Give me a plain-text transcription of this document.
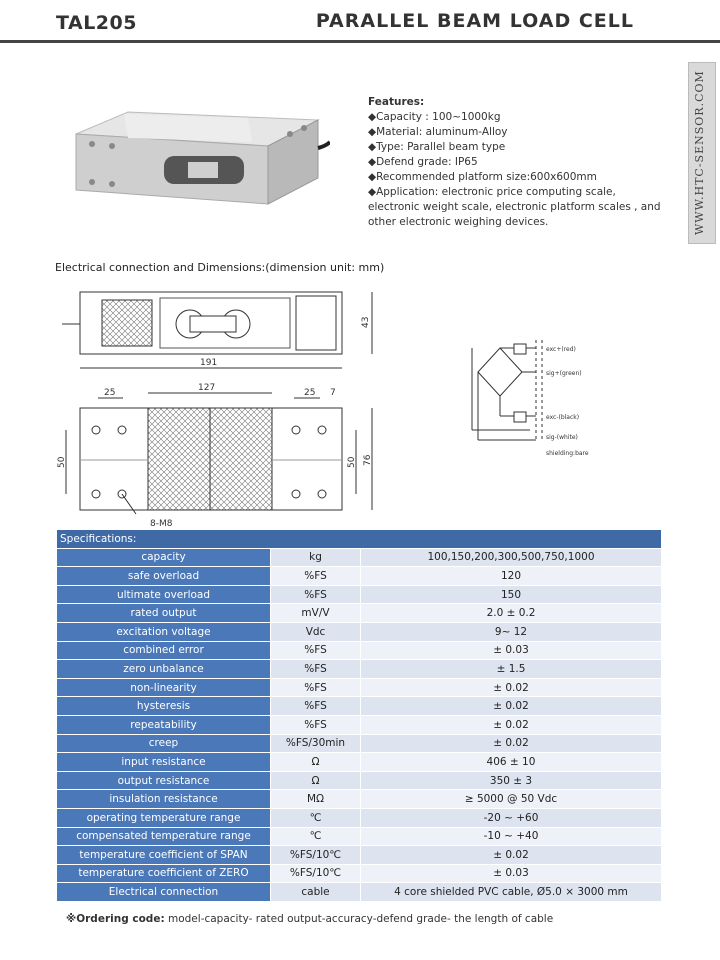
TAL205	PARALLEL BEAM LOAD CELL
WWW.HTC-SENSOR.COM
Features:
◆Capacity : 100~1000kg
◆Material: aluminum-Alloy
◆Type: Parallel beam type
◆Defend grade: IP65
◆Recommended platform size:600x600mm
◆Application: electronic price computing scale, electronic weight scale, electronic platform scales , and other electronic weighing devices.
Electrical connection and Dimensions:(dimension unit: mm)
191
43
25	127	25 7
50	50 76
8-M8
exc+(red)
sig+(green)
exc-(black)
sig-(white)
shielding:bare
Specifications:		
capacity	kg	100,150,200,300,500,750,1000
safe overload	%FS	120
ultimate overload	%FS	150
rated output	mV/V	2.0 ± 0.2
excitation voltage	Vdc	9~ 12
combined error	%FS	± 0.03
zero unbalance	%FS	± 1.5
non-linearity	%FS	± 0.02
hysteresis	%FS	± 0.02
repeatability	%FS	± 0.02
creep	%FS/30min	± 0.02
input resistance	Ω	406 ± 10
output resistance	Ω	350 ± 3
insulation resistance	MΩ	≥ 5000 @ 50 Vdc
operating temperature range	℃	-20 ~ +60
compensated temperature range	℃	-10 ~ +40
temperature coefficient of SPAN	%FS/10℃	± 0.02
temperature coefficient of ZERO	%FS/10℃	± 0.03
Electrical connection	cable	4 core shielded PVC cable, Ø5.0 × 3000 mm
※Ordering code: model-capacity- rated output-accuracy-defend grade- the length of cable
